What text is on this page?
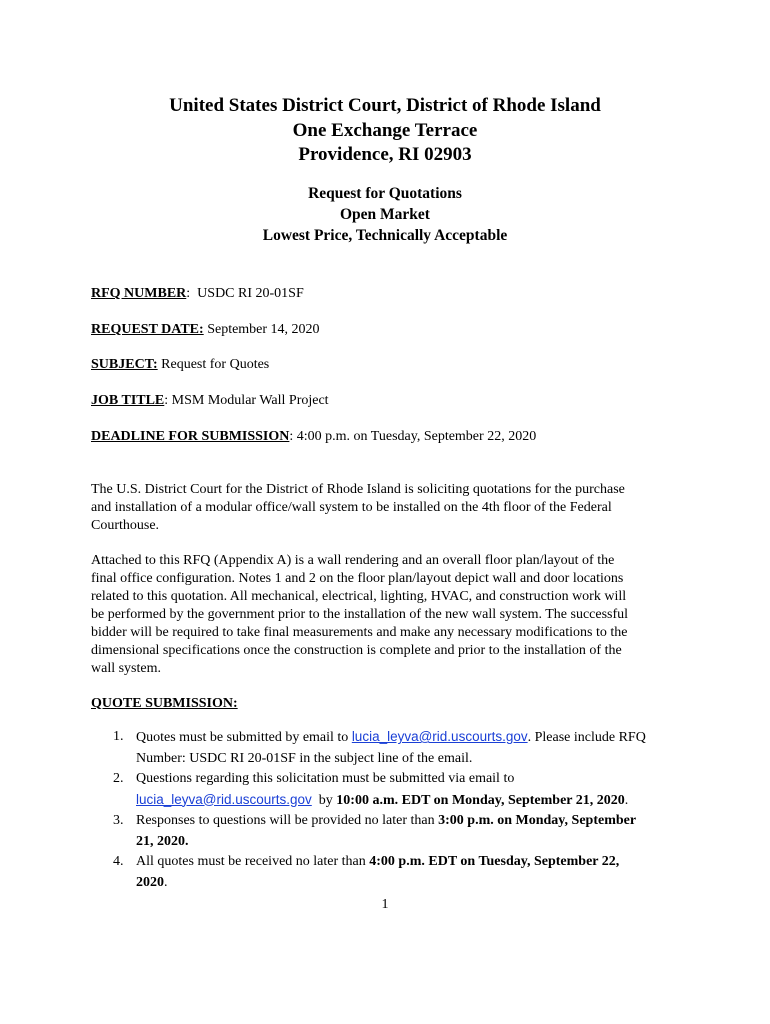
United States District Court, District of Rhode Island
One Exchange Terrace
Providence, RI 02903
Request for Quotations
Open Market
Lowest Price, Technically Acceptable
RFQ NUMBER:  USDC RI 20-01SF
REQUEST DATE: September 14, 2020
SUBJECT: Request for Quotes
JOB TITLE: MSM Modular Wall Project
DEADLINE FOR SUBMISSION: 4:00 p.m. on Tuesday, September 22, 2020
The U.S. District Court for the District of Rhode Island is soliciting quotations for the purchase
and installation of a modular office/wall system to be installed on the 4th floor of the Federal
Courthouse.
Attached to this RFQ (Appendix A) is a wall rendering and an overall floor plan/layout of the
final office configuration. Notes 1 and 2 on the floor plan/layout depict wall and door locations
related to this quotation. All mechanical, electrical, lighting, HVAC, and construction work will
be performed by the government prior to the installation of the new wall system. The successful
bidder will be required to take final measurements and make any necessary modifications to the
dimensional specifications once the construction is complete and prior to the installation of the
wall system.
QUOTE SUBMISSION:
1. Quotes must be submitted by email to lucia_leyva@rid.uscourts.gov. Please include RFQ
Number: USDC RI 20-01SF in the subject line of the email.
2. Questions regarding this solicitation must be submitted via email to
lucia_leyva@rid.uscourts.gov  by 10:00 a.m. EDT on Monday, September 21, 2020.
3. Responses to questions will be provided no later than 3:00 p.m. on Monday, September
21, 2020.
4. All quotes must be received no later than 4:00 p.m. EDT on Tuesday, September 22,
2020.
1
